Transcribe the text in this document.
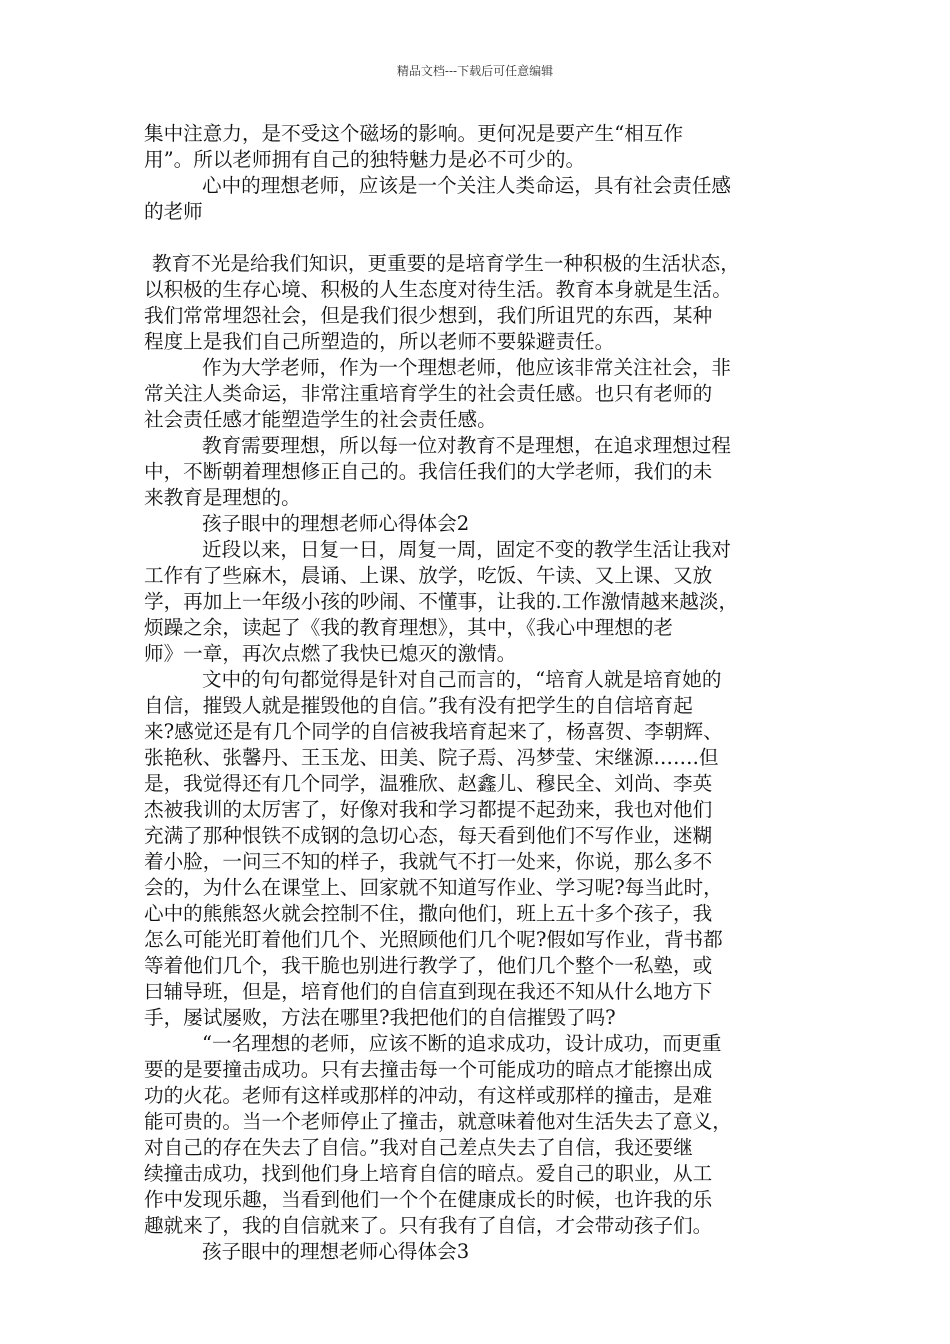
精品文档---下载后可任意编辑
集中注意力，是不受这个磁场的影响。更何况是要产生“相互作
用”。所以老师拥有自己的独特魅力是必不可少的。
心中的理想老师，应该是一个关注人类命运，具有社会责任感
的老师
教育不光是给我们知识，更重要的是培育学生一种积极的生活状态，
以积极的生存心境、积极的人生态度对待生活。教育本身就是生活。
我们常常埋怨社会，但是我们很少想到，我们所诅咒的东西，某种
程度上是我们自己所塑造的，所以老师不要躲避责任。
作为大学老师，作为一个理想老师，他应该非常关注社会，非
常关注人类命运，非常注重培育学生的社会责任感。也只有老师的
社会责任感才能塑造学生的社会责任感。
教育需要理想，所以每一位对教育不是理想，在追求理想过程
中，不断朝着理想修正自己的。我信任我们的大学老师，我们的未
来教育是理想的。
孩子眼中的理想老师心得体会2
近段以来，日复一日，周复一周，固定不变的教学生活让我对
工作有了些麻木，晨诵、上课、放学，吃饭、午读、又上课、又放
学，再加上一年级小孩的吵闹、不懂事，让我的.工作激情越来越淡，
烦躁之余，读起了《我的教育理想》，其中，《我心中理想的老
师》一章，再次点燃了我快已熄灭的激情。
文中的句句都觉得是针对自己而言的，“培育人就是培育她的
自信，摧毁人就是摧毁他的自信。”我有没有把学生的自信培育起
来?感觉还是有几个同学的自信被我培育起来了，杨喜贺、李朝辉、
张艳秋、张馨丹、王玉龙、田美、院子焉、冯梦莹、宋继源…….但
是，我觉得还有几个同学，温雅欣、赵鑫儿、穆民全、刘尚、李英
杰被我训的太厉害了，好像对我和学习都提不起劲来，我也对他们
充满了那种恨铁不成钢的急切心态，每天看到他们不写作业，迷糊
着小脸，一问三不知的样子，我就气不打一处来，你说，那么多不
会的，为什么在课堂上、回家就不知道写作业、学习呢?每当此时，
心中的熊熊怒火就会控制不住，撒向他们，班上五十多个孩子，我
怎么可能光盯着他们几个、光照顾他们几个呢?假如写作业，背书都
等着他们几个，我干脆也别进行教学了，他们几个整个一私塾，或
曰辅导班，但是，培育他们的自信直到现在我还不知从什么地方下
手，屡试屡败，方法在哪里?我把他们的自信摧毁了吗?
“一名理想的老师，应该不断的追求成功，设计成功，而更重
要的是要撞击成功。只有去撞击每一个可能成功的暗点才能擦出成
功的火花。老师有这样或那样的冲动，有这样或那样的撞击，是难
能可贵的。当一个老师停止了撞击，就意味着他对生活失去了意义，
对自己的存在失去了自信。”我对自己差点失去了自信，我还要继
续撞击成功，找到他们身上培育自信的暗点。爱自己的职业，从工
作中发现乐趣，当看到他们一个个在健康成长的时候，也许我的乐
趣就来了，我的自信就来了。只有我有了自信，才会带动孩子们。
孩子眼中的理想老师心得体会3
